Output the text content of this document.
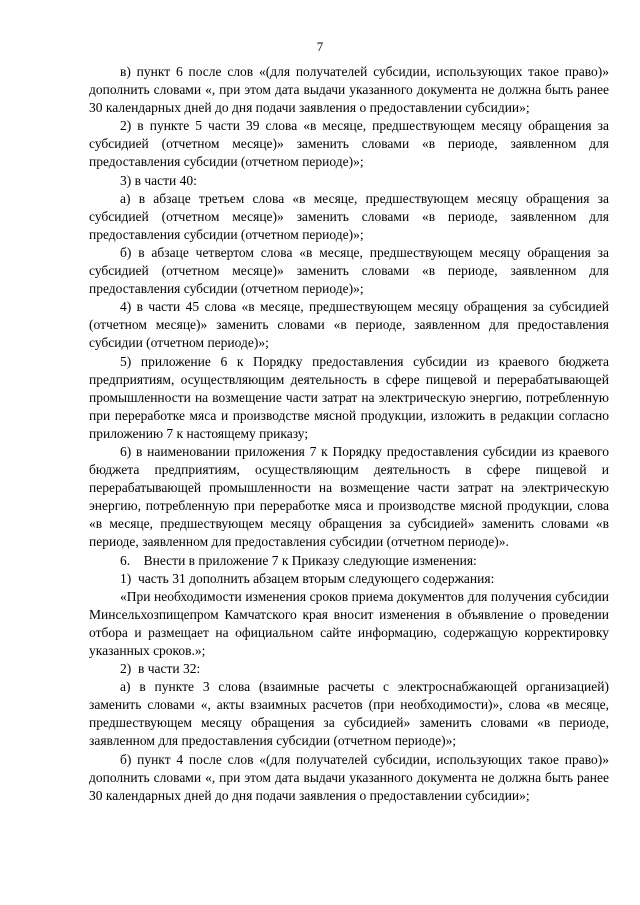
7

в) пункт 6 после слов «(для получателей субсидии, использующих такое право)» дополнить словами «, при этом дата выдачи указанного документа не должна быть ранее 30 календарных дней до дня подачи заявления о предоставлении субсидии»;

2) в пункте 5 части 39 слова «в месяце, предшествующем месяцу обращения за субсидией (отчетном месяце)» заменить словами «в периоде, заявленном для предоставления субсидии (отчетном периоде)»;

3) в части 40:

а) в абзаце третьем слова «в месяце, предшествующем месяцу обращения за субсидией (отчетном месяце)» заменить словами «в периоде, заявленном для предоставления субсидии (отчетном периоде)»;

б) в абзаце четвертом слова «в месяце, предшествующем месяцу обращения за субсидией (отчетном месяце)» заменить словами «в периоде, заявленном для предоставления субсидии (отчетном периоде)»;

4) в части 45 слова «в месяце, предшествующем месяцу обращения за субсидией (отчетном месяце)» заменить словами «в периоде, заявленном для предоставления субсидии (отчетном периоде)»;

5) приложение 6 к Порядку предоставления субсидии из краевого бюджета предприятиям, осуществляющим деятельность в сфере пищевой и перерабатывающей промышленности на возмещение части затрат на электрическую энергию, потребленную при переработке мяса и производстве мясной продукции, изложить в редакции согласно приложению 7 к настоящему приказу;

6) в наименовании приложения 7 к Порядку предоставления субсидии из краевого бюджета предприятиям, осуществляющим деятельность в сфере пищевой и перерабатывающей промышленности на возмещение части затрат на электрическую энергию, потребленную при переработке мяса и производстве мясной продукции, слова «в месяце, предшествующем месяцу обращения за субсидией» заменить словами «в периоде, заявленном для предоставления субсидии (отчетном периоде)».

6.    Внести в приложение 7 к Приказу следующие изменения:

1)  часть 31 дополнить абзацем вторым следующего содержания:

«При необходимости изменения сроков приема документов для получения субсидии Минсельхозпищепром Камчатского края вносит изменения в объявление о проведении отбора и размещает на официальном сайте информацию, содержащую корректировку указанных сроков.»;

2)  в части 32:

а) в пункте 3 слова (взаимные расчеты с электроснабжающей организацией) заменить словами «, акты взаимных расчетов (при необходимости)», слова «в месяце, предшествующем месяцу обращения за субсидией» заменить словами «в периоде, заявленном для предоставления субсидии (отчетном периоде)»;

б) пункт 4 после слов «(для получателей субсидии, использующих такое право)» дополнить словами «, при этом дата выдачи указанного документа не должна быть ранее 30 календарных дней до дня подачи заявления о предоставлении субсидии»;
